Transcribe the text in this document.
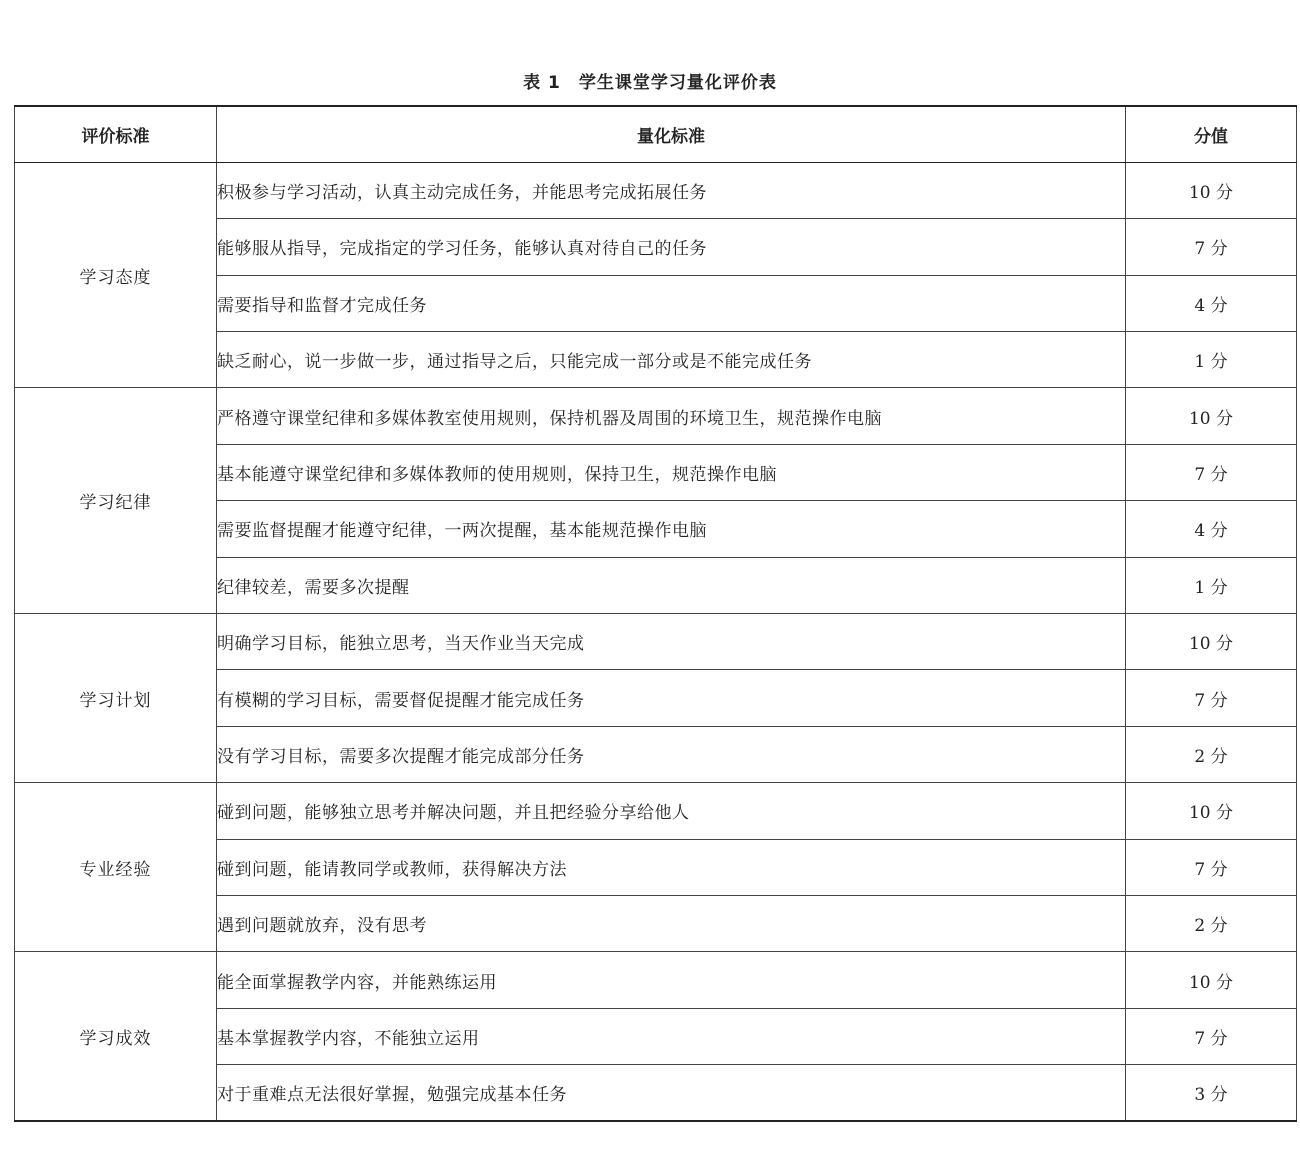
表 1 学生课堂学习量化评价表
评价标准	量化标准	分值
学习态度	积极参与学习活动，认真主动完成任务，并能思考完成拓展任务	10 分
	能够服从指导，完成指定的学习任务，能够认真对待自己的任务	7 分
	需要指导和监督才完成任务	4 分
	缺乏耐心，说一步做一步，通过指导之后，只能完成一部分或是不能完成任务	1 分
学习纪律	严格遵守课堂纪律和多媒体教室使用规则，保持机器及周围的环境卫生，规范操作电脑	10 分
	基本能遵守课堂纪律和多媒体教师的使用规则，保持卫生，规范操作电脑	7 分
	需要监督提醒才能遵守纪律，一两次提醒，基本能规范操作电脑	4 分
	纪律较差，需要多次提醒	1 分
学习计划	明确学习目标，能独立思考，当天作业当天完成	10 分
	有模糊的学习目标，需要督促提醒才能完成任务	7 分
	没有学习目标，需要多次提醒才能完成部分任务	2 分
专业经验	碰到问题，能够独立思考并解决问题，并且把经验分享给他人	10 分
	碰到问题，能请教同学或教师，获得解决方法	7 分
	遇到问题就放弃，没有思考	2 分
学习成效	能全面掌握教学内容，并能熟练运用	10 分
	基本掌握教学内容，不能独立运用	7 分
	对于重难点无法很好掌握，勉强完成基本任务	3 分
